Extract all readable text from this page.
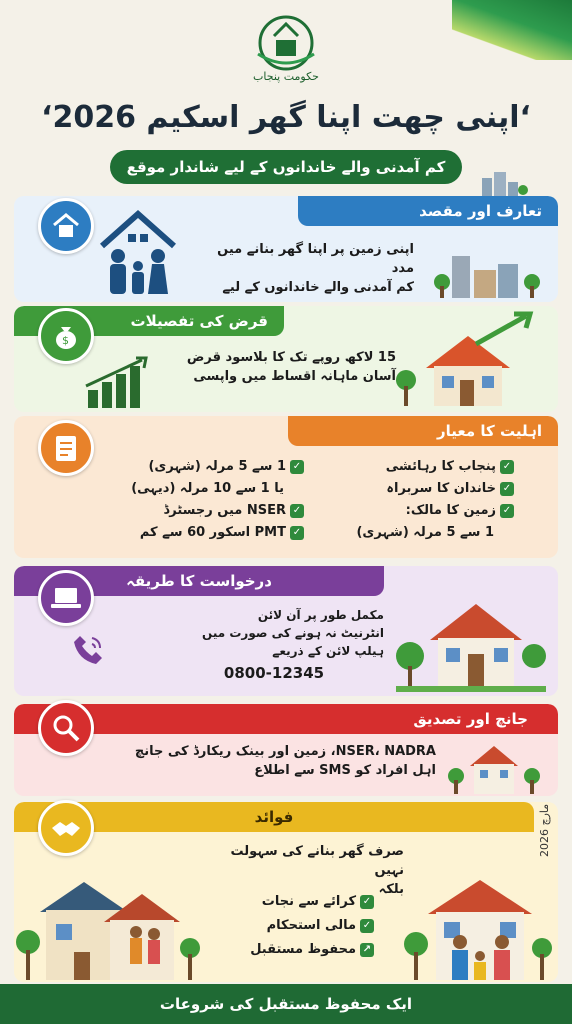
حکومت پنجاب
‘اپنی چھت اپنا گھر اسکیم 2026‘
کم آمدنی والے خاندانوں کے لیے شاندار موقع
تعارف اور مقصد
اپنی زمین پر اپنا گھر بنانے میں مدد
کم آمدنی والے خاندانوں کے لیے
قرض کی تفصیلات
15 لاکھ روپے تک کا بلاسود قرض
آسان ماہانہ اقساط میں واپسی
$
اہلیت کا معیار
✓پنجاب کا رہائشی
✓خاندان کا سربراہ
✓زمین کا مالک:
1 سے 5 مرلہ (شہری)
✓1 سے 5 مرلہ (شہری)
یا 1 سے 10 مرلہ (دیہی)
✓NSER میں رجسٹرڈ
✓PMT اسکور 60 سے کم
درخواست کا طریقہ
مکمل طور پر آن لائن
انٹرنیٹ نہ ہونے کی صورت میں
ہیلپ لائن کے ذریعے
0800-12345
جانچ اور تصدیق
NSER، NADRA، زمین اور بینک ریکارڈ کی جانچ
اہل افراد کو SMS سے اطلاع
فوائد
صرف گھر بنانے کی سہولت نہیں
بلکہ
✓کرائے سے نجات
✓مالی استحکام
↗محفوظ مستقبل
مارچ 2026
ایک محفوظ مستقبل کی شروعات
